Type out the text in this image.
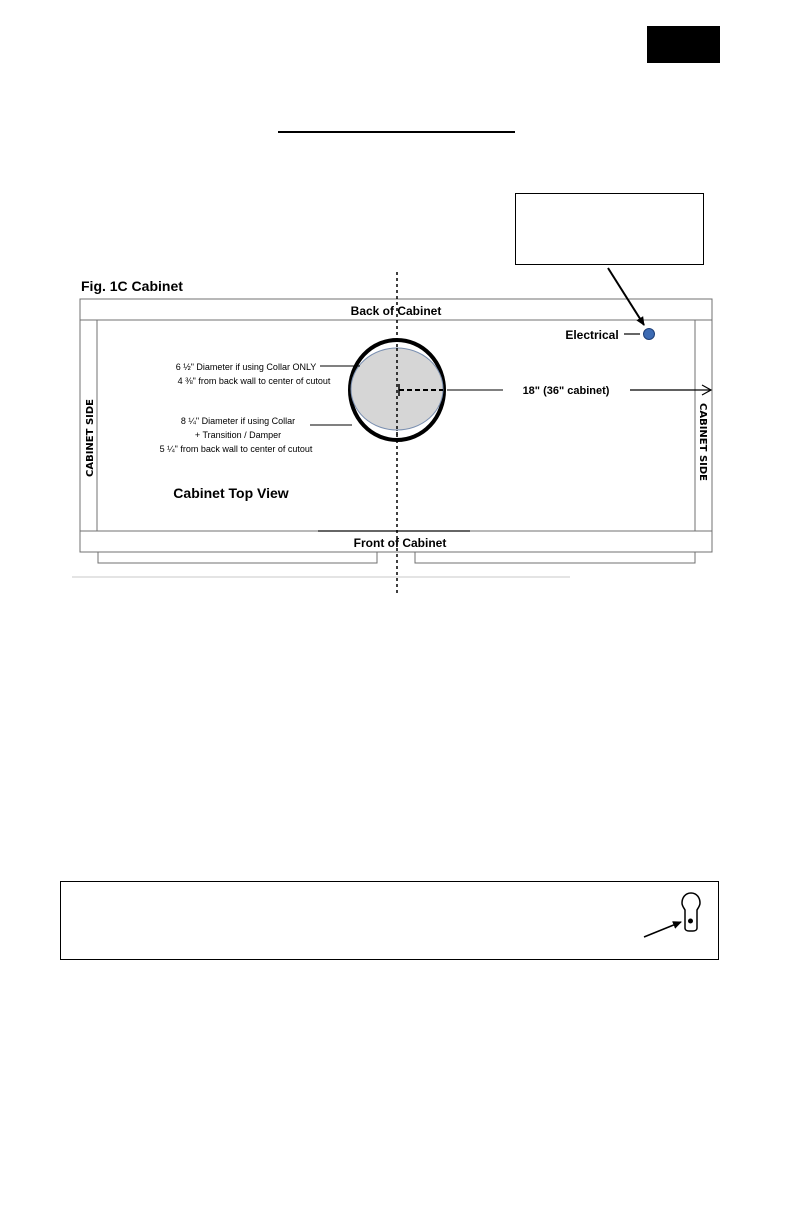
Fig. 1C Cabinet
Back of Cabinet
Front of Cabinet
Electrical
CABINET SIDE	CABINET SIDE
6 ½" Diameter if using Collar ONLY
4 ⅜" from back wall to center of cutout
8 ¼" Diameter if using Collar
+ Transition / Damper
5 ¼" from back wall to center of cutout
Cabinet Top View
18" (36" cabinet)
